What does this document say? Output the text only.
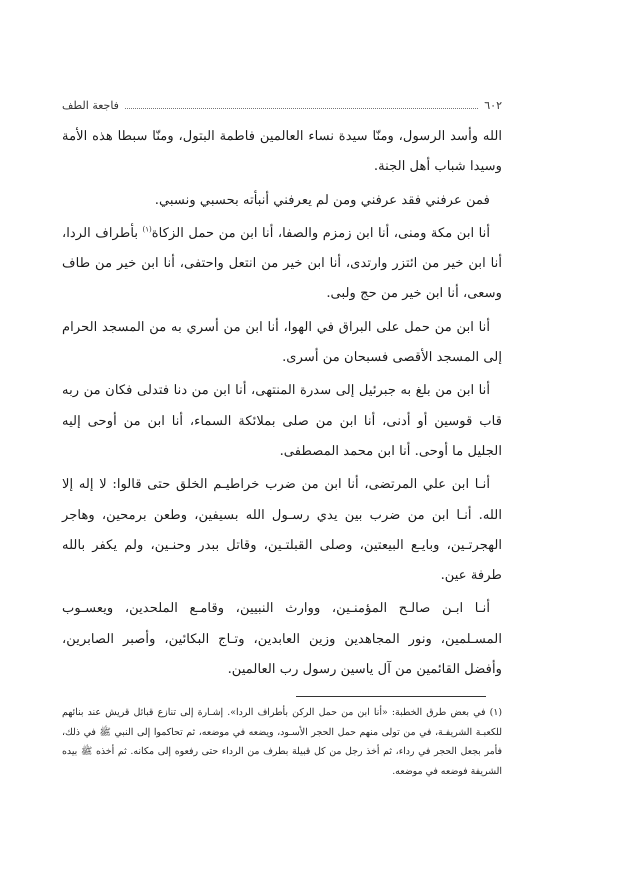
٦٠٢
فاجعة الطف

الله وأسد الرسول، ومنّا سيدة نساء العالمين فاطمة البتول، ومنّا سبطا هذه الأمة وسيدا شباب أهل الجنة.

فمن عرفني فقد عرفني ومن لم يعرفني أنبأته بحسبي ونسبي.

أنا ابن مكة ومنى، أنا ابن زمزم والصفا، أنا ابن من حمل الزكاة$^{(١)}$ بأطراف الردا، أنا ابن خير من ائتزر وارتدى، أنا ابن خير من انتعل واحتفى، أنا ابن خير من طاف وسعى، أنا ابن خير من حج ولبى.

أنا ابن من حمل على البراق في الهوا، أنا ابن من أسري به من المسجد الحرام إلى المسجد الأقصى فسبحان من أسرى.

أنا ابن من بلغ به جبرئيل إلى سدرة المنتهى، أنا ابن من دنا فتدلى فكان من ربه قاب قوسين أو أدنى، أنا ابن من صلى بملائكة السماء، أنا ابن من أوحى إليه الجليل ما أوحى. أنا ابن محمد المصطفى.

أنـا ابن علي المرتضى، أنا ابن من ضرب خراطيـم الخلق حتى قالوا: لا إله إلا الله. أنـا ابن من ضرب بين يدي رسـول الله بسيفين، وطعن برمحين، وهاجر الهجرتـين، وبايـع البيعتين، وصلى القبلتـين، وقاتل ببدر وحنـين، ولم يكفر بالله طرفة عين.

أنـا ابـن صالـح المؤمنـين، ووارث النبيين، وقامـع الملحدين، ويعسـوب المسـلمين، ونور المجاهدين وزين العابدين، وتـاج البكائين، وأصبر الصابرين، وأفضل القائمين من آل ياسين رسول رب العالمين.

(١) في بعض طرق الخطبة: «أنا ابن من حمل الركن بأطراف الردا». إشـارة إلى تنازع قبائل قريش عند بنائهم للكعبـة الشريفـة، في من تولى منهم حمل الحجر الأسـود، ويضعه في موضعه، ثم تحاكموا إلى النبي ﷺ في ذلك، فأمر بجعل الحجر في رداء، ثم أخذ رجل من كل قبيلة بطرف من الرداء حتى رفعوه إلى مكانه. ثم أخذه ﷺ بيده الشريفة فوضعه في موضعه.
